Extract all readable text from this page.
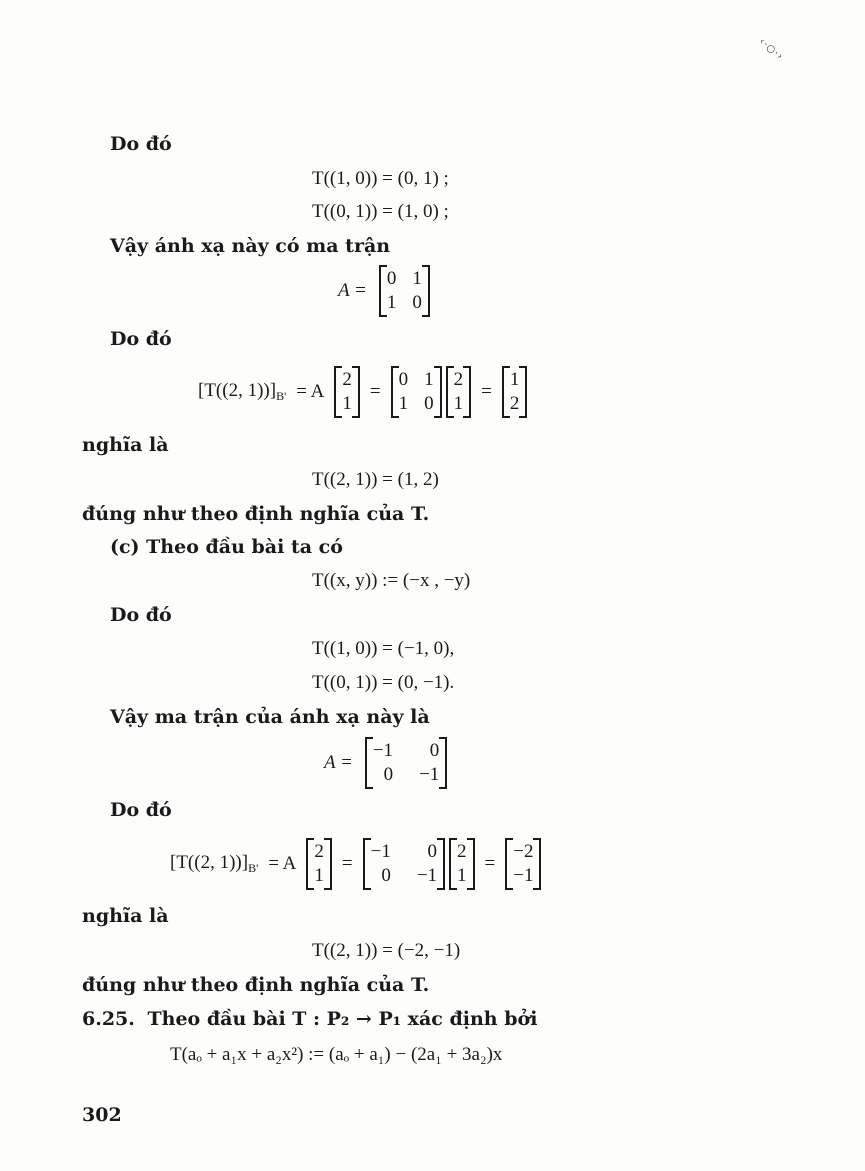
‹·○·›
Do đó
T((1, 0)) = (0, 1) ;
T((0, 1)) = (1, 0) ;
Vậy ánh xạ này có ma trận
A =
0 1
1 0
Do đó
[T((2, $1))]_{B'} = A$
2
1
=
0 1
1 0
2
1
=
1
2
nghĩa là
T((2, 1)) = (1, 2)
đúng như theo định nghĩa của T.
(c) Theo đầu bài ta có
T((x, y)) := (−x , −y)
Do đó
T((1, 0)) = (−1, 0),
T((0, 1)) = (0, −1).
Vậy ma trận của ánh xạ này là
A =
−1	0
0 −1
Do đó
[T((2, $1))]_{B'} = A$
2
1
=
−1	0
0 −1
2
1
=
−2
−1
nghĩa là
T((2, 1)) = (−2, −1)
đúng như theo định nghĩa của T.
6.25. Theo đầu bài T : P₂ → P₁ xác định bởi
T(aₒ + a₁x + a₂x²) := (aₒ + a₁) − (2a₁ + 3a₂)x
302
